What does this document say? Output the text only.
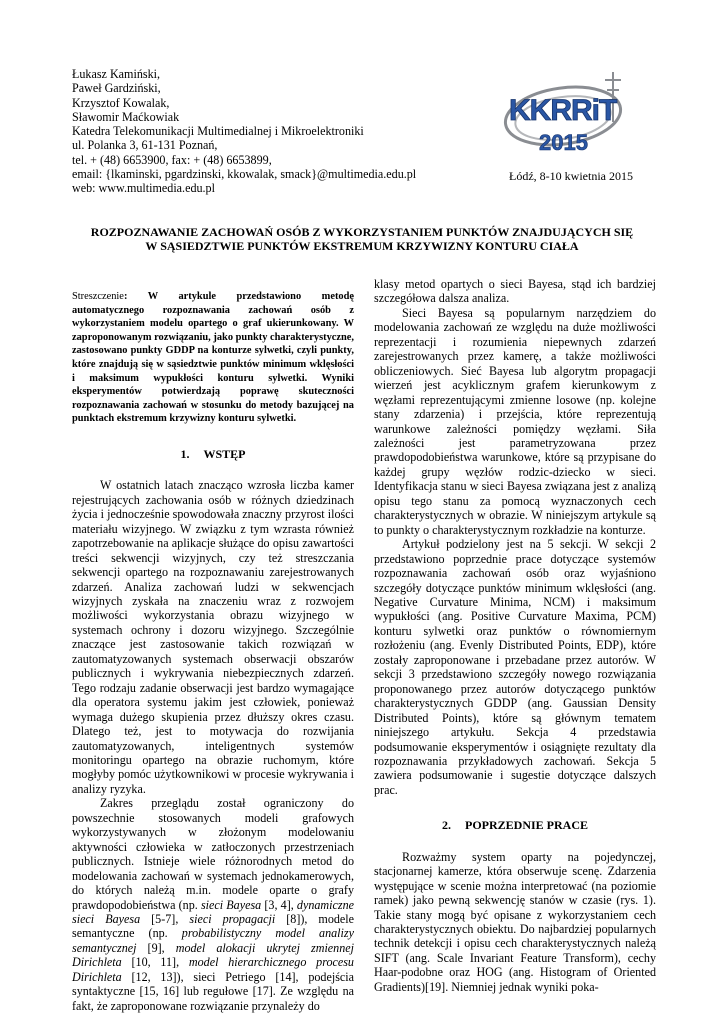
Łukasz Kamiński,
Paweł Gardziński,
Krzysztof Kowalak,
Sławomir Maćkowiak
Katedra Telekomunikacji Multimedialnej i Mikroelektroniki
ul. Polanka 3, 61-131 Poznań,
tel. + (48) 6653900, fax: + (48) 6653899,
email: {lkaminski, pgardzinski, kkowalak, smack}@multimedia.edu.pl
web: www.multimedia.edu.pl
KKRRiT
2015
Łódź, 8-10 kwietnia 2015
ROZPOZNAWANIE ZACHOWAŃ OSÓB Z WYKORZYSTANIEM PUNKTÓW ZNAJDUJĄCYCH SIĘ
W SĄSIEDZTWIE PUNKTÓW EKSTREMUM KRZYWIZNY KONTURU CIAŁA
Streszczenie: W artykule przedstawiono metodę automatycznego rozpoznawania zachowań osób z wykorzystaniem modelu opartego o graf ukierunkowany. W zaproponowanym rozwiązaniu, jako punkty charakterystyczne, zastosowano punkty GDDP na konturze sylwetki, czyli punkty, które znajdują się w sąsiedztwie punktów minimum wklęsłości i maksimum wypukłości konturu sylwetki. Wyniki eksperymentów potwierdzają poprawę skuteczności rozpoznawania zachowań w stosunku do metody bazującej na punktach ekstremum krzywizny konturu sylwetki.
1. WSTĘP

W ostatnich latach znacząco wzrosła liczba kamer rejestrujących zachowania osób w różnych dziedzinach życia i jednocześnie spowodowała znaczny przyrost ilości materiału wizyjnego. W związku z tym wzrasta również zapotrzebowanie na aplikacje służące do opisu zawartości treści sekwencji wizyjnych, czy też streszczania sekwencji opartego na rozpoznawaniu zarejestrowanych zdarzeń. Analiza zachowań ludzi w sekwencjach wizyjnych zyskała na znaczeniu wraz z rozwojem możliwości wykorzystania obrazu wizyjnego w systemach ochrony i dozoru wizyjnego. Szczególnie znaczące jest zastosowanie takich rozwiązań w zautomatyzowanych systemach obserwacji obszarów publicznych i wykrywania niebezpiecznych zdarzeń. Tego rodzaju zadanie obserwacji jest bardzo wymagające dla operatora systemu jakim jest człowiek, ponieważ wymaga dużego skupienia przez dłuższy okres czasu. Dlatego też, jest to motywacja do rozwijania zautomatyzowanych, inteligentnych systemów monitoringu opartego na obrazie ruchomym, które mogłyby pomóc użytkownikowi w procesie wykrywania i analizy ryzyka.

Zakres przeglądu został ograniczony do powszechnie stosowanych modeli grafowych wykorzystywanych w złożonym modelowaniu aktywności człowieka w zatłoczonych przestrzeniach publicznych. Istnieje wiele różnorodnych metod do modelowania zachowań w systemach jednokamerowych, do których należą m.in. modele oparte o grafy prawdopodobieństwa (np. sieci Bayesa [3, 4], dynamiczne sieci Bayesa [5-7], sieci propagacji [8]), modele semantyczne (np. probabilistyczny model analizy semantycznej [9], model alokacji ukrytej zmiennej Dirichleta [10, 11], model hierarchicznego procesu Dirichleta [12, 13]), sieci Petriego [14], podejścia syntaktyczne [15, 16] lub regułowe [17]. Ze względu na fakt, że zaproponowane rozwiązanie przynależy do

klasy metod opartych o sieci Bayesa, stąd ich bardziej szczegółowa dalsza analiza.

Sieci Bayesa są popularnym narzędziem do modelowania zachowań ze względu na duże możliwości reprezentacji i rozumienia niepewnych zdarzeń zarejestrowanych przez kamerę, a także możliwości obliczeniowych. Sieć Bayesa lub algorytm propagacji wierzeń jest acyklicznym grafem kierunkowym z węzłami reprezentującymi zmienne losowe (np. kolejne stany zdarzenia) i przejścia, które reprezentują warunkowe zależności pomiędzy węzłami. Siła zależności jest parametryzowana przez prawdopodobieństwa warunkowe, które są przypisane do każdej grupy węzłów rodzic-dziecko w sieci. Identyfikacja stanu w sieci Bayesa związana jest z analizą opisu tego stanu za pomocą wyznaczonych cech charakterystycznych w obrazie. W niniejszym artykule są to punkty o charakterystycznym rozkładzie na konturze.

Artykuł podzielony jest na 5 sekcji. W sekcji 2 przedstawiono poprzednie prace dotyczące systemów rozpoznawania zachowań osób oraz wyjaśniono szczegóły dotyczące punktów minimum wklęsłości (ang. Negative Curvature Minima, NCM) i maksimum wypukłości (ang. Positive Curvature Maxima, PCM) konturu sylwetki oraz punktów o równomiernym rozłożeniu (ang. Evenly Distributed Points, EDP), które zostały zaproponowane i przebadane przez autorów. W sekcji 3 przedstawiono szczegóły nowego rozwiązania proponowanego przez autorów dotyczącego punktów charakterystycznych GDDP (ang. Gaussian Density Distributed Points), które są głównym tematem niniejszego artykułu. Sekcja 4 przedstawia podsumowanie eksperymentów i osiągnięte rezultaty dla rozpoznawania przykładowych zachowań. Sekcja 5 zawiera podsumowanie i sugestie dotyczące dalszych prac.

2. POPRZEDNIE PRACE

Rozważmy system oparty na pojedynczej, stacjonarnej kamerze, która obserwuje scenę. Zdarzenia występujące w scenie można interpretować (na poziomie ramek) jako pewną sekwencję stanów w czasie (rys. 1). Takie stany mogą być opisane z wykorzystaniem cech charakterystycznych obiektu. Do najbardziej popularnych technik detekcji i opisu cech charakterystycznych należą SIFT (ang. Scale Invariant Feature Transform), cechy Haar-podobne oraz HOG (ang. Histogram of Oriented Gradients)[19]. Niemniej jednak wyniki poka-
